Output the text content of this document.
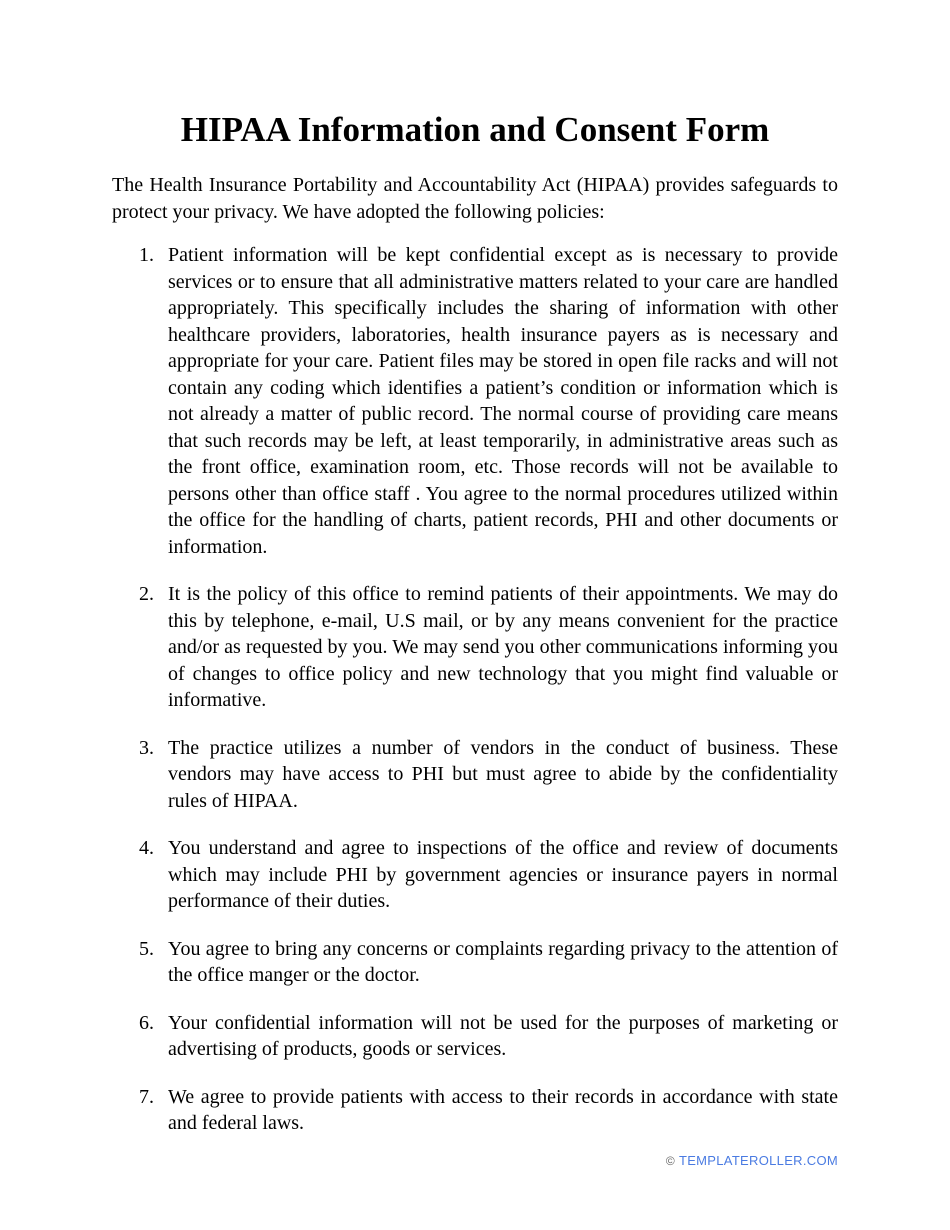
HIPAA Information and Consent Form

The Health Insurance Portability and Accountability Act (HIPAA) provides safeguards to protect your privacy. We have adopted the following policies:

Patient information will be kept confidential except as is necessary to provide services or to ensure that all administrative matters related to your care are handled appropriately. This specifically includes the sharing of information with other healthcare providers, laboratories, health insurance payers as is necessary and appropriate for your care. Patient files may be stored in open file racks and will not contain any coding which identifies a patient’s condition or information which is not already a matter of public record. The normal course of providing care means that such records may be left, at least temporarily, in administrative areas such as the front office, examination room, etc. Those records will not be available to persons other than office staff . You agree to the normal procedures utilized within the office for the handling of charts, patient records, PHI and other documents or information.
It is the policy of this office to remind patients of their appointments. We may do this by telephone, e-mail, U.S mail, or by any means convenient for the practice and/or as requested by you. We may send you other communications informing you of changes to office policy and new technology that you might find valuable or informative.
The practice utilizes a number of vendors in the conduct of business. These vendors may have access to PHI but must agree to abide by the confidentiality rules of HIPAA.
You understand and agree to inspections of the office and review of documents which may include PHI by government agencies or insurance payers in normal performance of their duties.
You agree to bring any concerns or complaints regarding privacy to the attention of the office manger or the doctor.
Your confidential information will not be used for the purposes of marketing or advertising of products, goods or services.
We agree to provide patients with access to their records in accordance with state and federal laws.
© TEMPLATEROLLER.COM
